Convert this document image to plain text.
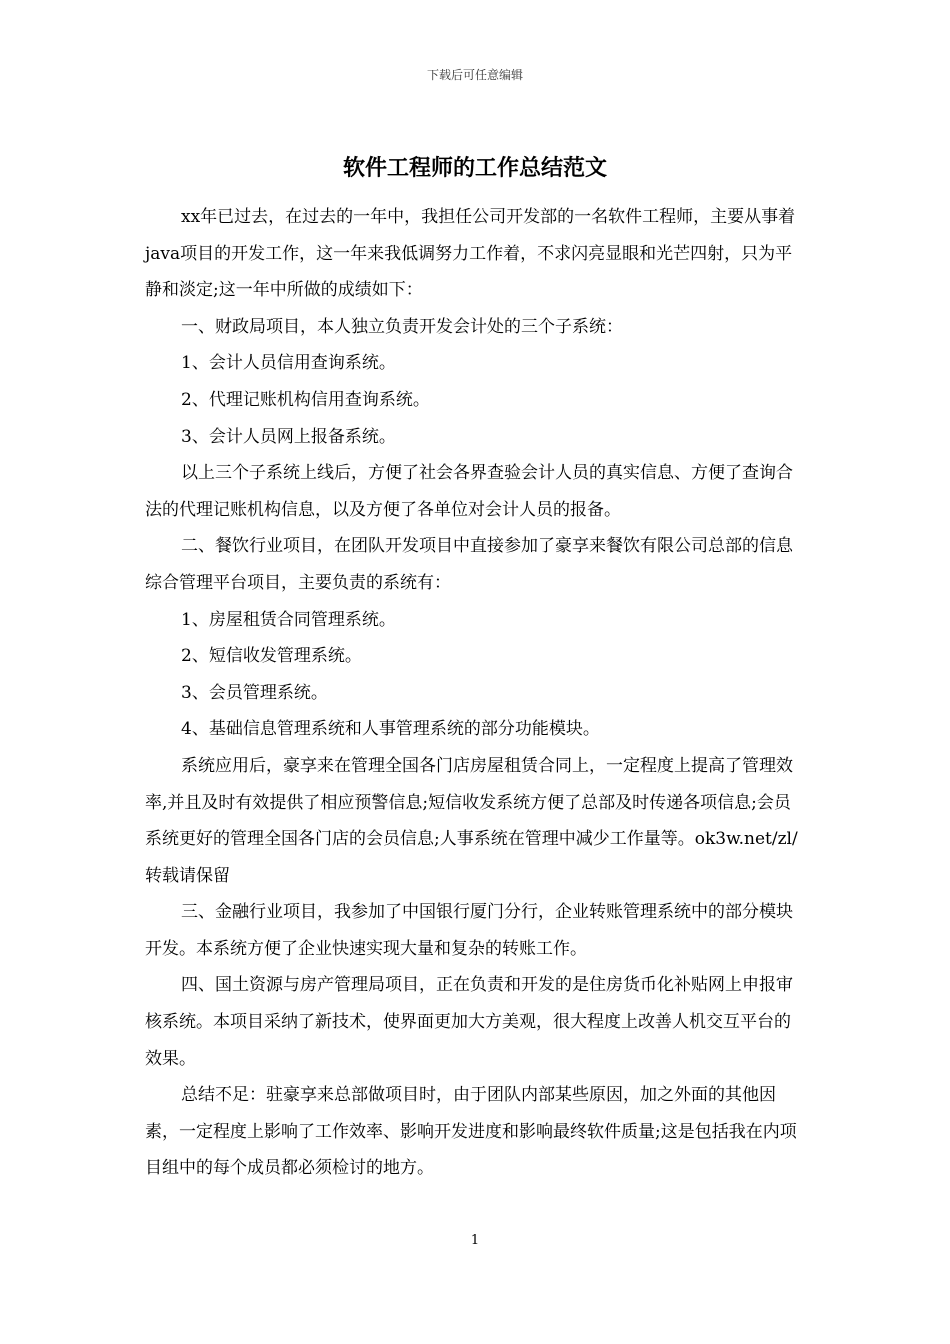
下载后可任意编辑
软件工程师的工作总结范文

xx年已过去，在过去的一年中，我担任公司开发部的一名软件工程师，主要从事着java项目的开发工作，这一年来我低调努力工作着，不求闪亮显眼和光芒四射，只为平静和淡定;这一年中所做的成绩如下：

一、财政局项目，本人独立负责开发会计处的三个子系统：

1、会计人员信用查询系统。

2、代理记账机构信用查询系统。

3、会计人员网上报备系统。

以上三个子系统上线后，方便了社会各界查验会计人员的真实信息、方便了查询合法的代理记账机构信息，以及方便了各单位对会计人员的报备。

二、餐饮行业项目，在团队开发项目中直接参加了豪享来餐饮有限公司总部的信息综合管理平台项目，主要负责的系统有：

1、房屋租赁合同管理系统。

2、短信收发管理系统。

3、会员管理系统。

4、基础信息管理系统和人事管理系统的部分功能模块。

系统应用后，豪享来在管理全国各门店房屋租赁合同上，一定程度上提高了管理效率,并且及时有效提供了相应预警信息;短信收发系统方便了总部及时传递各项信息;会员系统更好的管理全国各门店的会员信息;人事系统在管理中减少工作量等。ok3w.net/zl/转载请保留

三、金融行业项目，我参加了中国银行厦门分行，企业转账管理系统中的部分模块开发。本系统方便了企业快速实现大量和复杂的转账工作。

四、国土资源与房产管理局项目，正在负责和开发的是住房货币化补贴网上申报审核系统。本项目采纳了新技术，使界面更加大方美观，很大程度上改善人机交互平台的效果。

总结不足：驻豪享来总部做项目时，由于团队内部某些原因，加之外面的其他因素，一定程度上影响了工作效率、影响开发进度和影响最终软件质量;这是包括我在内项目组中的每个成员都必须检讨的地方。

1
